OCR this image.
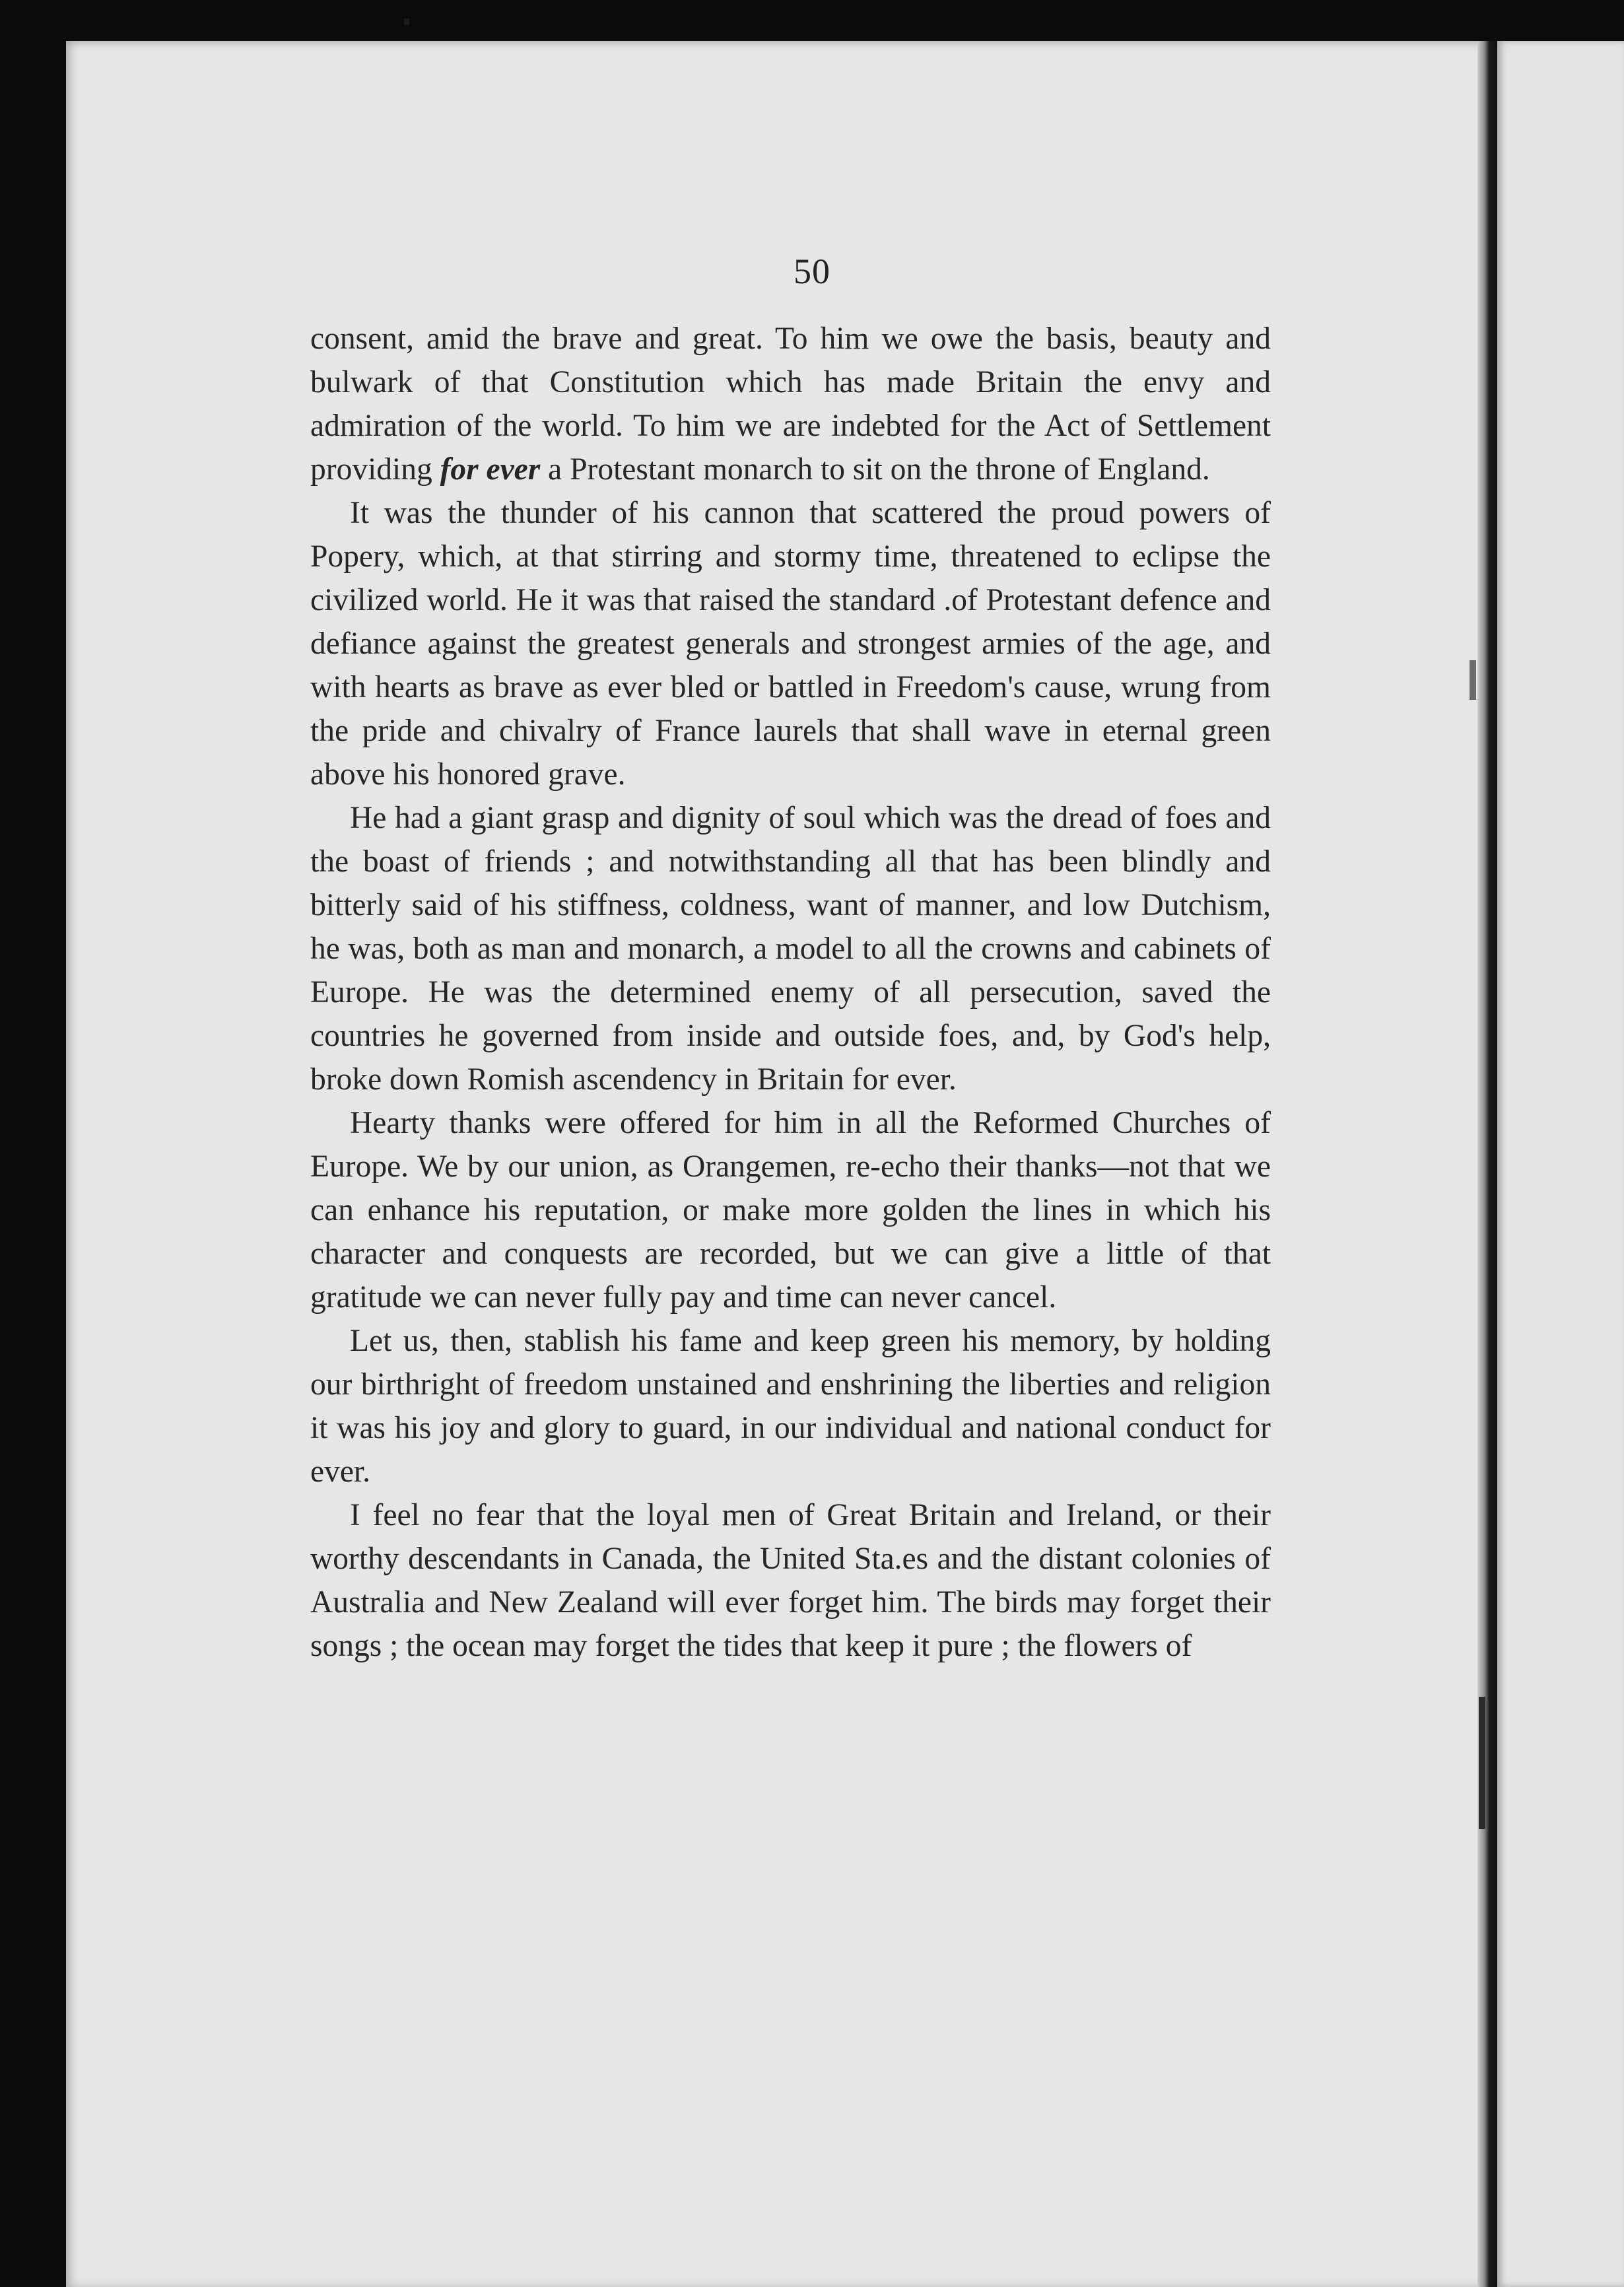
50

consent, amid the brave and great. To him we owe the basis, beauty and bulwark of that Constitution which has made Britain the envy and admiration of the world. To him we are indebted for the Act of Settlement providing for ever a Protestant monarch to sit on the throne of England.

It was the thunder of his cannon that scattered the proud powers of Popery, which, at that stirring and stormy time, threatened to eclipse the civilized world. He it was that raised the standard .of Protestant defence and defiance against the greatest generals and strongest armies of the age, and with hearts as brave as ever bled or battled in Freedom's cause, wrung from the pride and chivalry of France laurels that shall wave in eternal green above his honored grave.

He had a giant grasp and dignity of soul which was the dread of foes and the boast of friends ; and notwithstanding all that has been blindly and bitterly said of his stiffness, coldness, want of manner, and low Dutchism, he was, both as man and monarch, a model to all the crowns and cabinets of Europe. He was the determined enemy of all persecution, saved the countries he governed from inside and outside foes, and, by God's help, broke down Romish ascendency in Britain for ever.

Hearty thanks were offered for him in all the Reformed Churches of Europe. We by our union, as Orangemen, re-echo their thanks—not that we can enhance his reputation, or make more golden the lines in which his character and conquests are recorded, but we can give a little of that gratitude we can never fully pay and time can never cancel.

Let us, then, stablish his fame and keep green his memory, by holding our birthright of freedom unstained and enshrining the liberties and religion it was his joy and glory to guard, in our individual and national conduct for ever.

I feel no fear that the loyal men of Great Britain and Ireland, or their worthy descendants in Canada, the United Sta.es and the distant colonies of Australia and New Zealand will ever forget him. The birds may forget their songs ; the ocean may forget the tides that keep it pure ; the flowers of
